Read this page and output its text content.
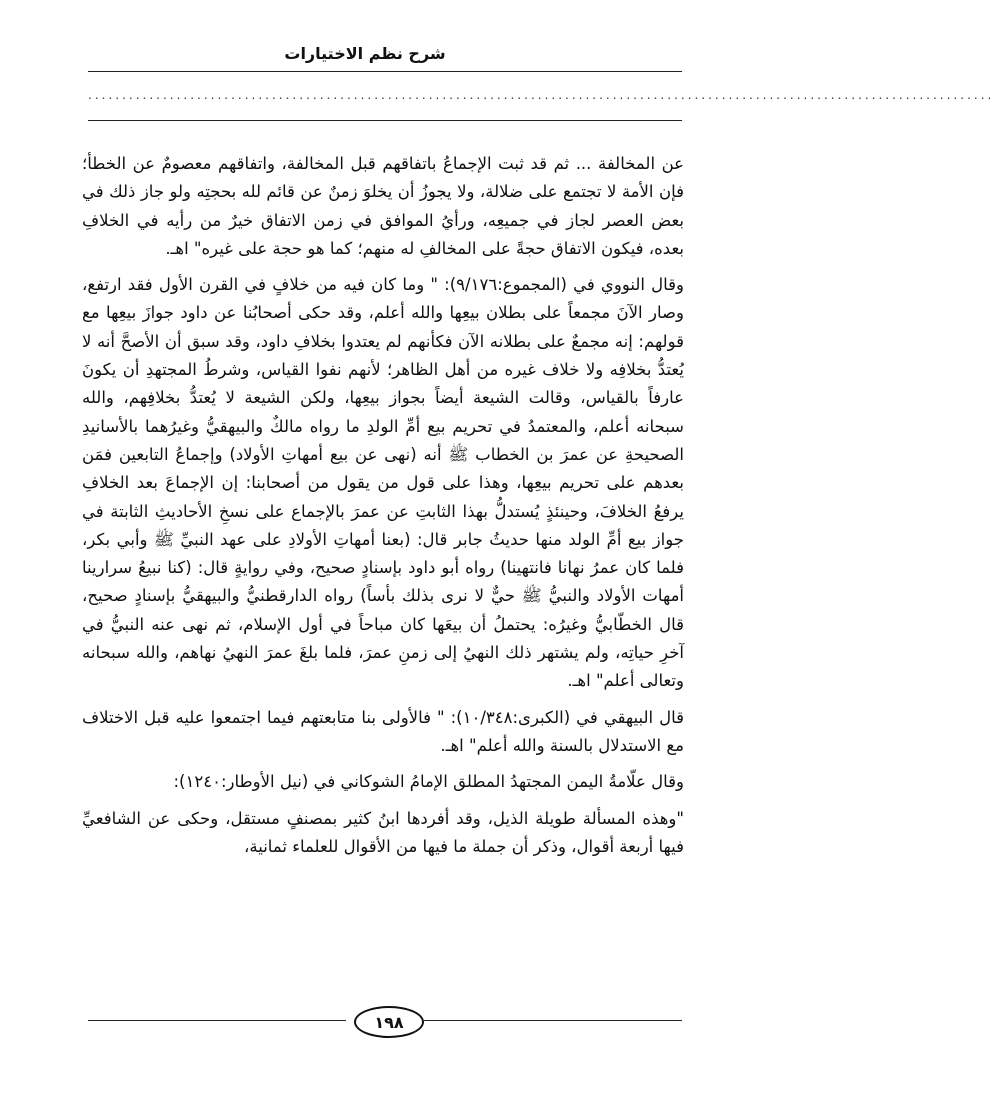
شرح نظم الاختيارات
.....................................................................................................................................

عن المخالفة ... ثم قد ثبت الإجماعُ باتفاقهم قبل المخالفة، واتفاقهم معصومٌ عن الخطأ؛ فإن الأمة لا تجتمع على ضلالة، ولا يجوزُ أن يخلوَ زمنٌ عن قائم لله بحجتِه ولو جاز ذلك في بعض العصر لجاز في جميعِه، ورأيُ الموافق في زمن الاتفاق خيرٌ من رأيه في الخلافِ بعده، فيكون الاتفاق حجةً على المخالفِ له منهم؛ كما هو حجة على غيره" اهـ.

وقال النووي في (المجموع:٩/١٧٦): " وما كان فيه من خلافٍ في القرن الأول فقد ارتفع، وصار الآنَ مجمعاً على بطلان بيعِها والله أعلم، وقد حكى أصحابُنا عن داود جوازَ بيعِها مع قولهم: إنه مجمعٌ على بطلانه الآن فكأنهم لم يعتدوا بخلافِ داود، وقد سبق أن الأصحَّ أنه لا يُعتدُّ بخلافِه ولا خلاف غيره من أهل الظاهر؛ لأنهم نفوا القياس، وشرطُ المجتهدِ أن يكونَ عارفاً بالقياس، وقالت الشيعة أيضاً بجواز بيعِها، ولكن الشيعة لا يُعتدُّ بخلافِهم، والله سبحانه أعلم، والمعتمدُ في تحريم بيع أمِّ الولدِ ما رواه مالكٌ والبيهقيُّ وغيرُهما بالأسانيدِ الصحيحةِ عن عمرَ بن الخطاب ﷺ أنه (نهى عن بيع أمهاتِ الأولاد) وإجماعُ التابعين فمَن بعدهم على تحريم بيعِها، وهذا على قول من يقول من أصحابنا: إن الإجماعَ بعد الخلافِ يرفعُ الخلافَ، وحينئذٍ يُستدلُّ بهذا الثابتِ عن عمرَ بالإجماع على نسخِ الأحاديثِ الثابتة في جواز بيع أمِّ الولد منها حديثُ جابر قال: (بعنا أمهاتِ الأولادِ على عهد النبيِّ ﷺ وأبي بكر، فلما كان عمرُ نهانا فانتهينا) رواه أبو داود بإسنادٍ صحيح، وفي روايةٍ قال: (كنا نبيعُ سرارينا أمهات الأولاد والنبيُّ ﷺ حيٌّ لا نرى بذلك بأساً) رواه الدارقطنيُّ والبيهقيُّ بإسنادٍ صحيح، قال الخطّابيُّ وغيرُه: يحتملُ أن بيعَها كان مباحاً في أول الإسلام، ثم نهى عنه النبيُّ في آخرِ حياتِه، ولم يشتهر ذلك النهيُ إلى زمنِ عمرَ، فلما بلغَ عمرَ النهيُ نهاهم، والله سبحانه وتعالى أعلم" اهـ.

قال البيهقي في (الكبرى:١٠/٣٤٨): " فالأولى بنا متابعتهم فيما اجتمعوا عليه قبل الاختلاف مع الاستدلال بالسنة والله أعلم" اهـ.

وقال علّامةُ اليمن المجتهدُ المطلق الإمامُ الشوكاني في (نيل الأوطار:١٢٤٠):

"وهذه المسألة طويلة الذيل، وقد أفردها ابنُ كثير بمصنفٍ مستقل، وحكى عن الشافعيِّ فيها أربعة أقوال، وذكر أن جملة ما فيها من الأقوال للعلماء ثمانية،

١٩٨
